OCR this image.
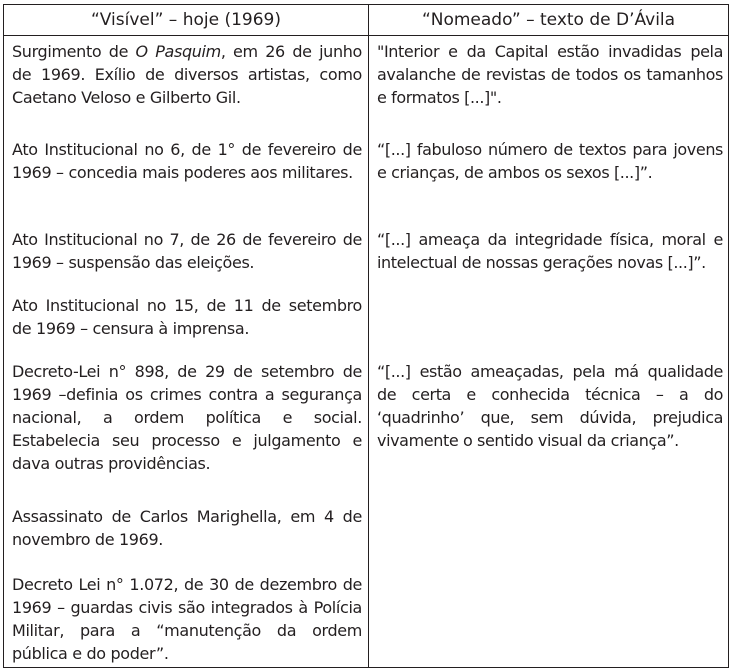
“Visível” – hoje (1969)	“Nomeado” – texto de D’Ávila
Surgimento de O Pasquim, em 26 de junho de 1969. Exílio de diversos artistas, como Caetano Veloso e Gilberto Gil.
Ato Institucional no 6, de 1° de fevereiro de 1969 – concedia mais poderes aos militares.
Ato Institucional no 7, de 26 de fevereiro de 1969 – suspensão das eleições.
Ato Institucional no 15, de 11 de setembro de 1969 – censura à imprensa.
Decreto-Lei n° 898, de 29 de setembro de 1969 –definia os crimes contra a segurança nacional, a ordem política e social. Estabelecia seu processo e julgamento e dava outras providências.
Assassinato de Carlos Marighella, em 4 de novembro de 1969.
Decreto Lei n° 1.072, de 30 de dezembro de 1969 – guardas civis são integrados à Polícia Militar, para a “manutenção da ordem pública e do poder”.
"Interior e da Capital estão invadidas pela avalanche de revistas de todos os tamanhos e formatos [...]".
“[...] fabuloso número de textos para jovens e crianças, de ambos os sexos [...]”.
“[...] ameaça da integridade física, moral e intelectual de nossas gerações novas [...]”.
“[...] estão ameaçadas, pela má qualidade de certa e conhecida técnica – a do ‘quadrinho’ que, sem dúvida, prejudica vivamente o sentido visual da criança”.
